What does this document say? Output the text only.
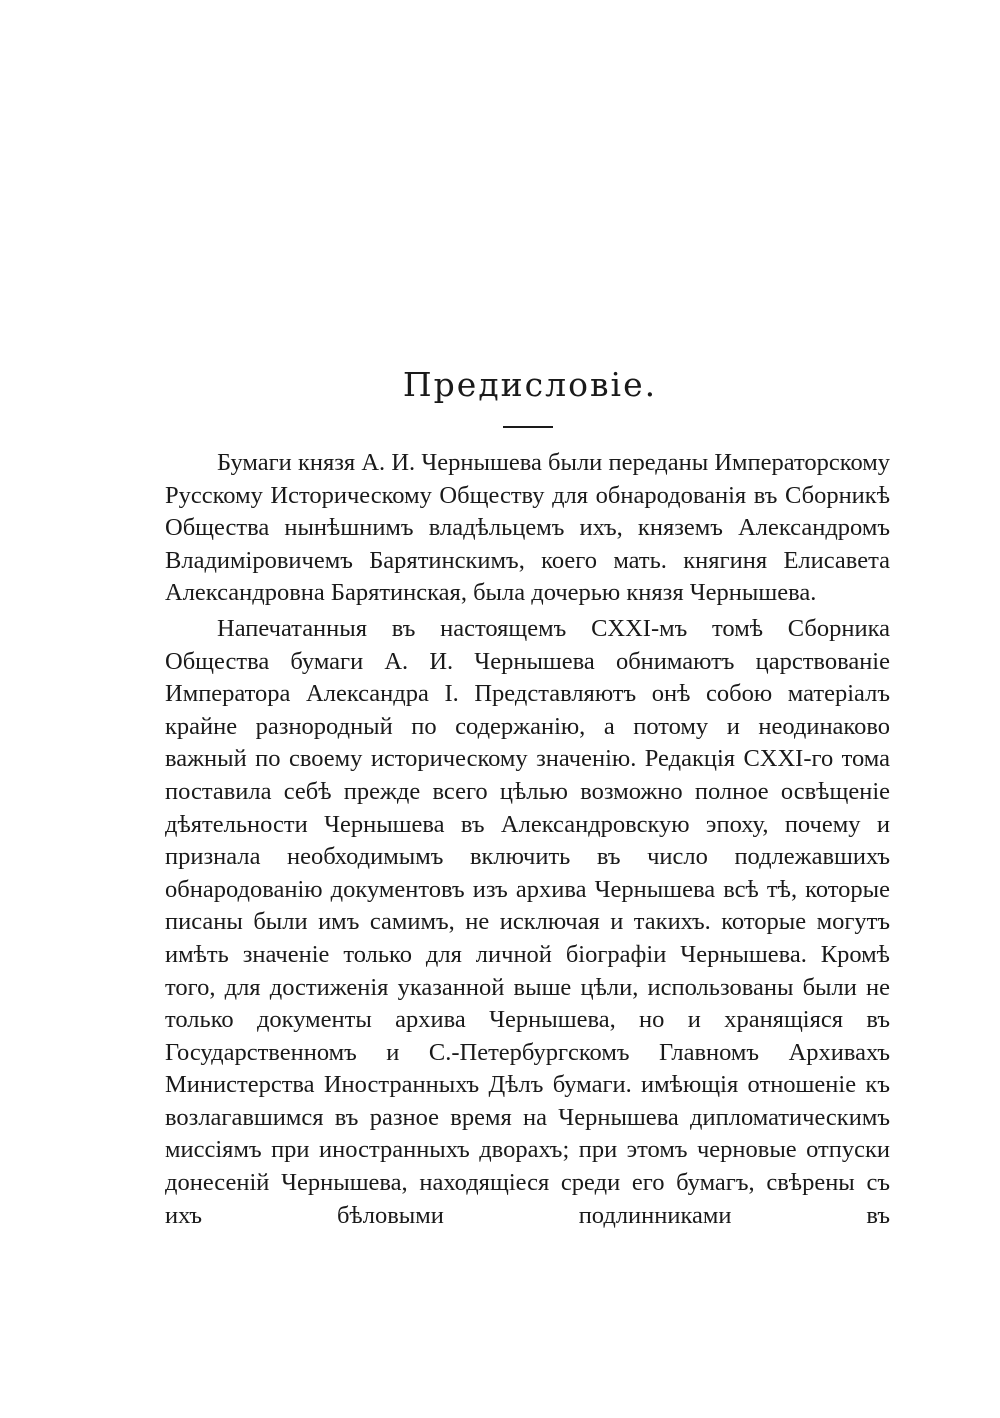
Предисловіе.

Бумаги князя А. И. Чернышева были переданы Императорскому Русскому Историческому Обществу для обнародованія въ Сборникѣ Общества нынѣшнимъ владѣльцемъ ихъ, княземъ Александромъ Владиміровичемъ Барятинскимъ, коего мать. княгиня Елисавета Александровна Барятинская, была дочерью князя Чернышева.

Напечатанныя въ настоящемъ СXXI-мъ томѣ Сборника Общества бумаги А. И. Чернышева обнимаютъ царствованіе Императора Александра I. Представляютъ онѣ собою матеріалъ крайне разнородный по содержанію, а потому и неодинаково важный по своему историческому значенію. Редакція СXXI-го тома поставила себѣ прежде всего цѣлью возможно полное освѣщеніе дѣятельности Чернышева въ Александровскую эпоху, почему и признала необходимымъ включить въ число подлежавшихъ обнародованію документовъ изъ архива Чернышева всѣ тѣ, которые писаны были имъ самимъ, не исключая и такихъ. которые могутъ имѣть значеніе только для личной біографіи Чернышева. Кромѣ того, для достиженія указанной выше цѣли, использованы были не только документы архива Чернышева, но и хранящіяся въ Государственномъ и С.-Петербургскомъ Главномъ Архивахъ Министерства Иностранныхъ Дѣлъ бумаги. имѣющія отношеніе къ возлагавшимся въ разное время на Чернышева дипломатическимъ миссіямъ при иностранныхъ дворахъ; при этомъ черновые отпуски донесеній Чернышева, находящіеся среди его бумагъ, свѣрены съ ихъ бѣловыми подлинниками въ
